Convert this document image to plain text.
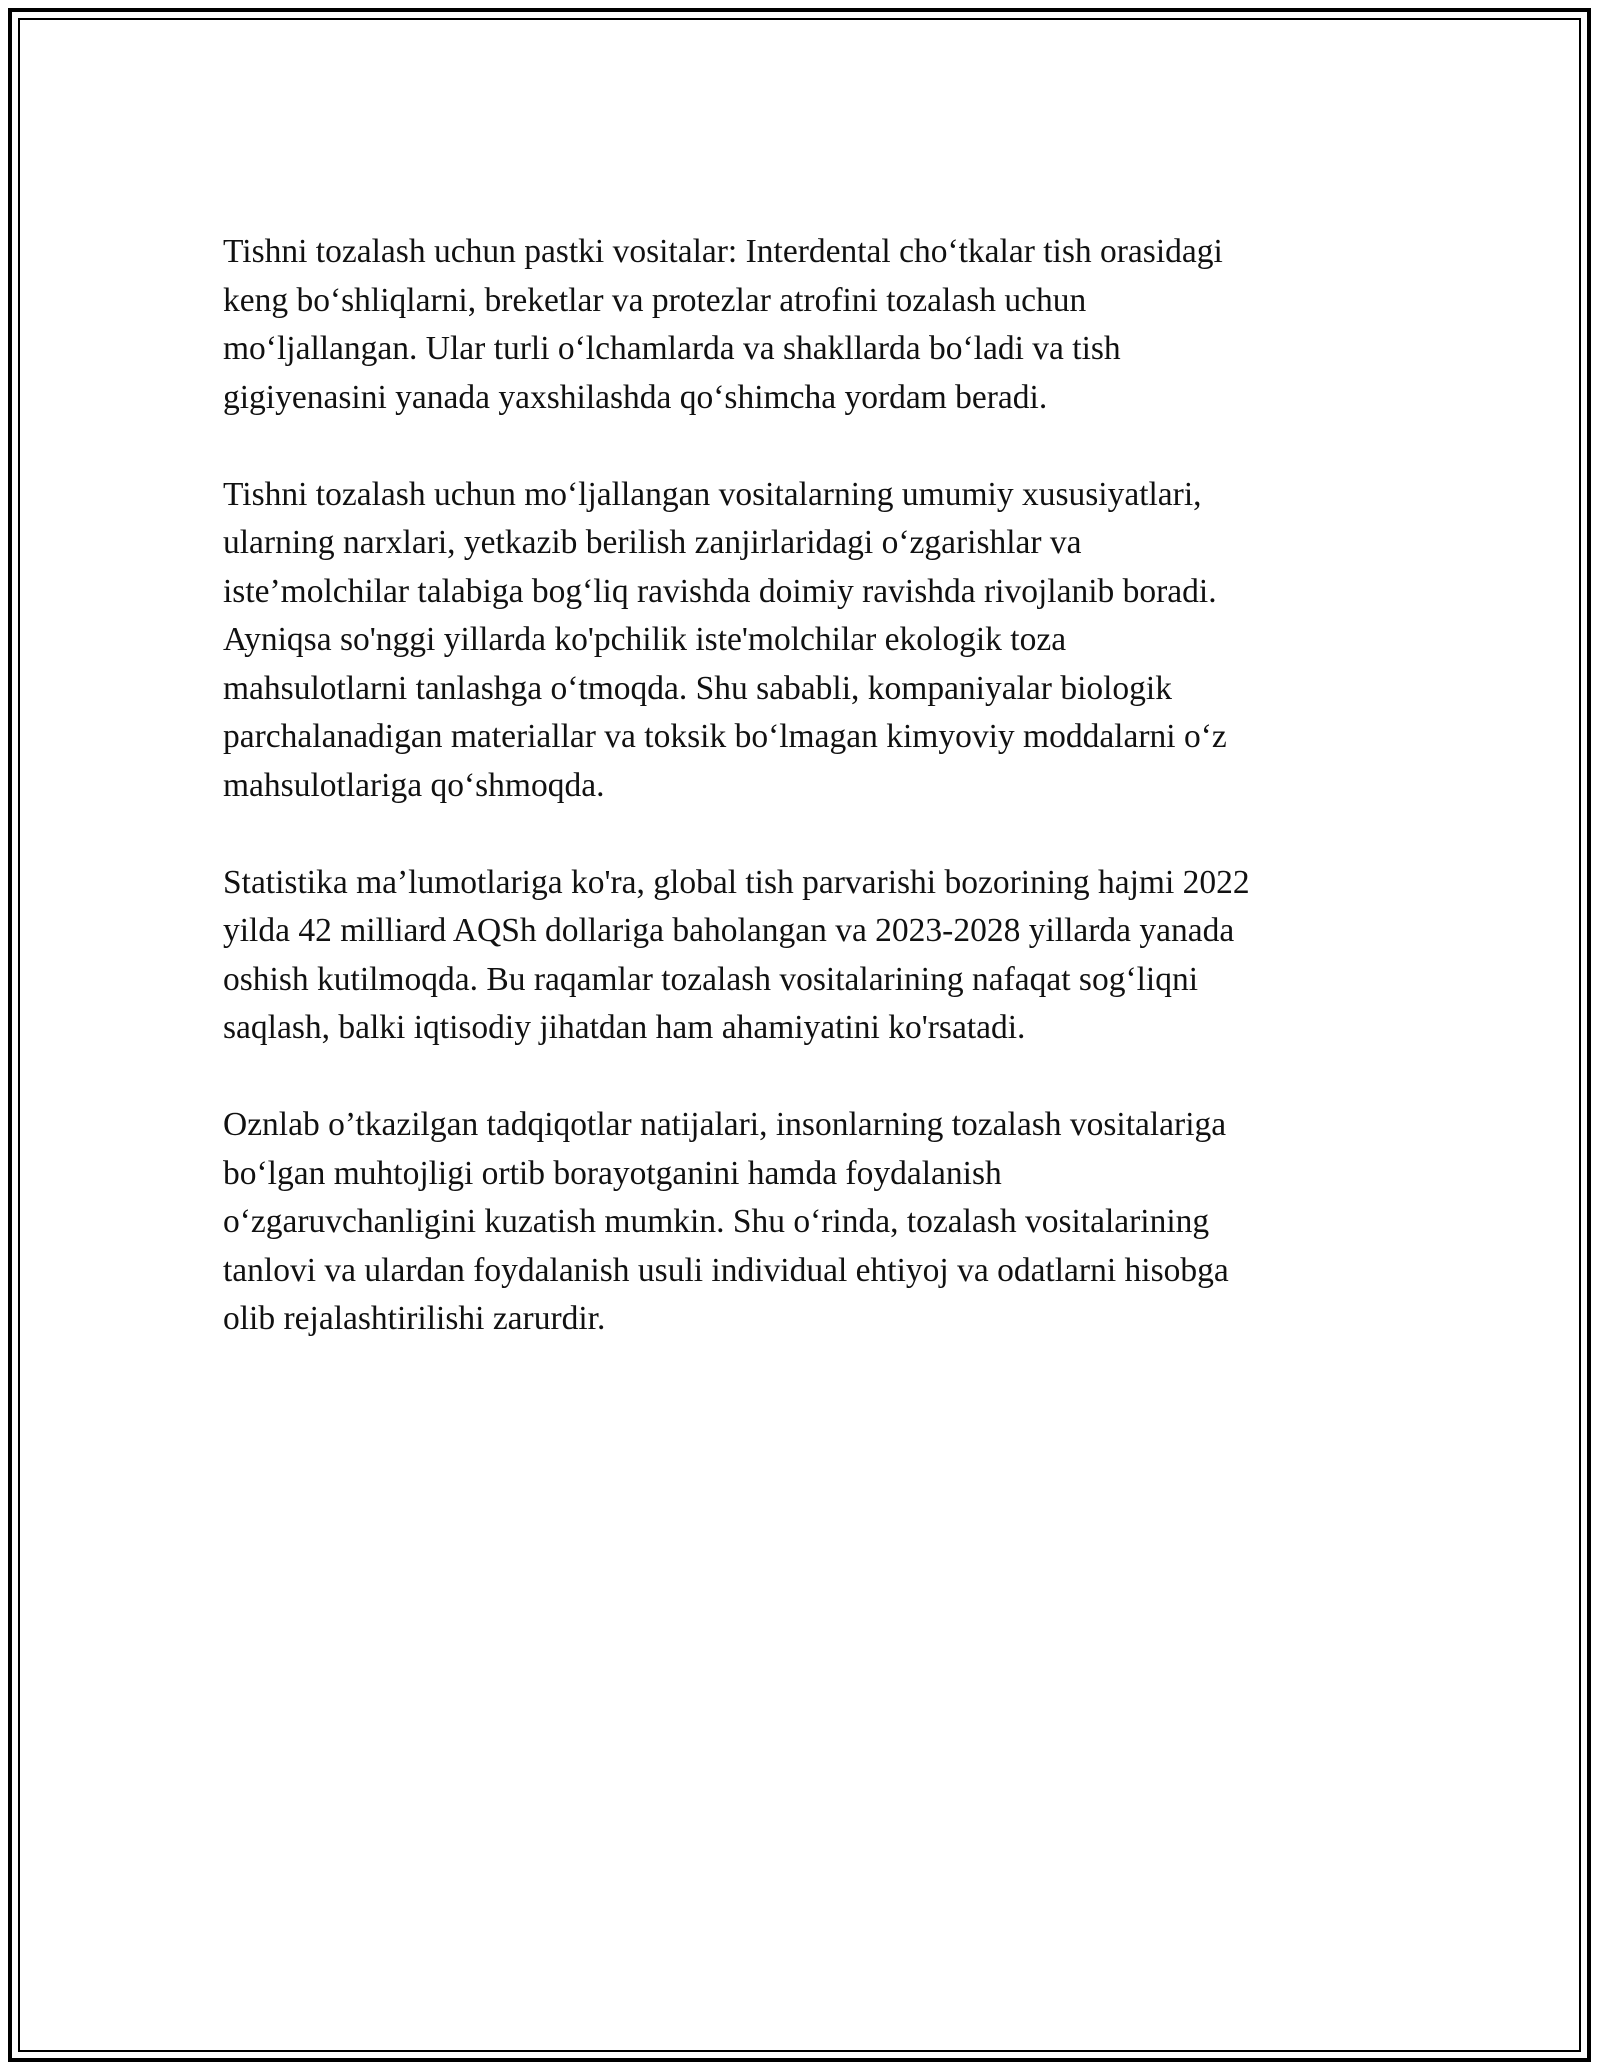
Tishni tozalash uchun pastki vositalar: Interdental cho‘tkalar tish orasidagi
keng bo‘shliqlarni, breketlar va protezlar atrofini tozalash uchun
mo‘ljallangan. Ular turli o‘lchamlarda va shakllarda bo‘ladi va tish
gigiyenasini yanada yaxshilashda qo‘shimcha yordam beradi.

Tishni tozalash uchun mo‘ljallangan vositalarning umumiy xususiyatlari,
ularning narxlari, yetkazib berilish zanjirlaridagi o‘zgarishlar va
iste’molchilar talabiga bog‘liq ravishda doimiy ravishda rivojlanib boradi.
Ayniqsa so'nggi yillarda ko'pchilik iste'molchilar ekologik toza
mahsulotlarni tanlashga o‘tmoqda. Shu sababli, kompaniyalar biologik
parchalanadigan materiallar va toksik bo‘lmagan kimyoviy moddalarni o‘z
mahsulotlariga qo‘shmoqda.

Statistika ma’lumotlariga ko'ra, global tish parvarishi bozorining hajmi 2022
yilda 42 milliard AQSh dollariga baholangan va 2023-2028 yillarda yanada
oshish kutilmoqda. Bu raqamlar tozalash vositalarining nafaqat sog‘liqni
saqlash, balki iqtisodiy jihatdan ham ahamiyatini ko'rsatadi.

Oznlab o’tkazilgan tadqiqotlar natijalari, insonlarning tozalash vositalariga
bo‘lgan muhtojligi ortib borayotganini hamda foydalanish
o‘zgaruvchanligini kuzatish mumkin. Shu o‘rinda, tozalash vositalarining
tanlovi va ulardan foydalanish usuli individual ehtiyoj va odatlarni hisobga
olib rejalashtirilishi zarurdir.
